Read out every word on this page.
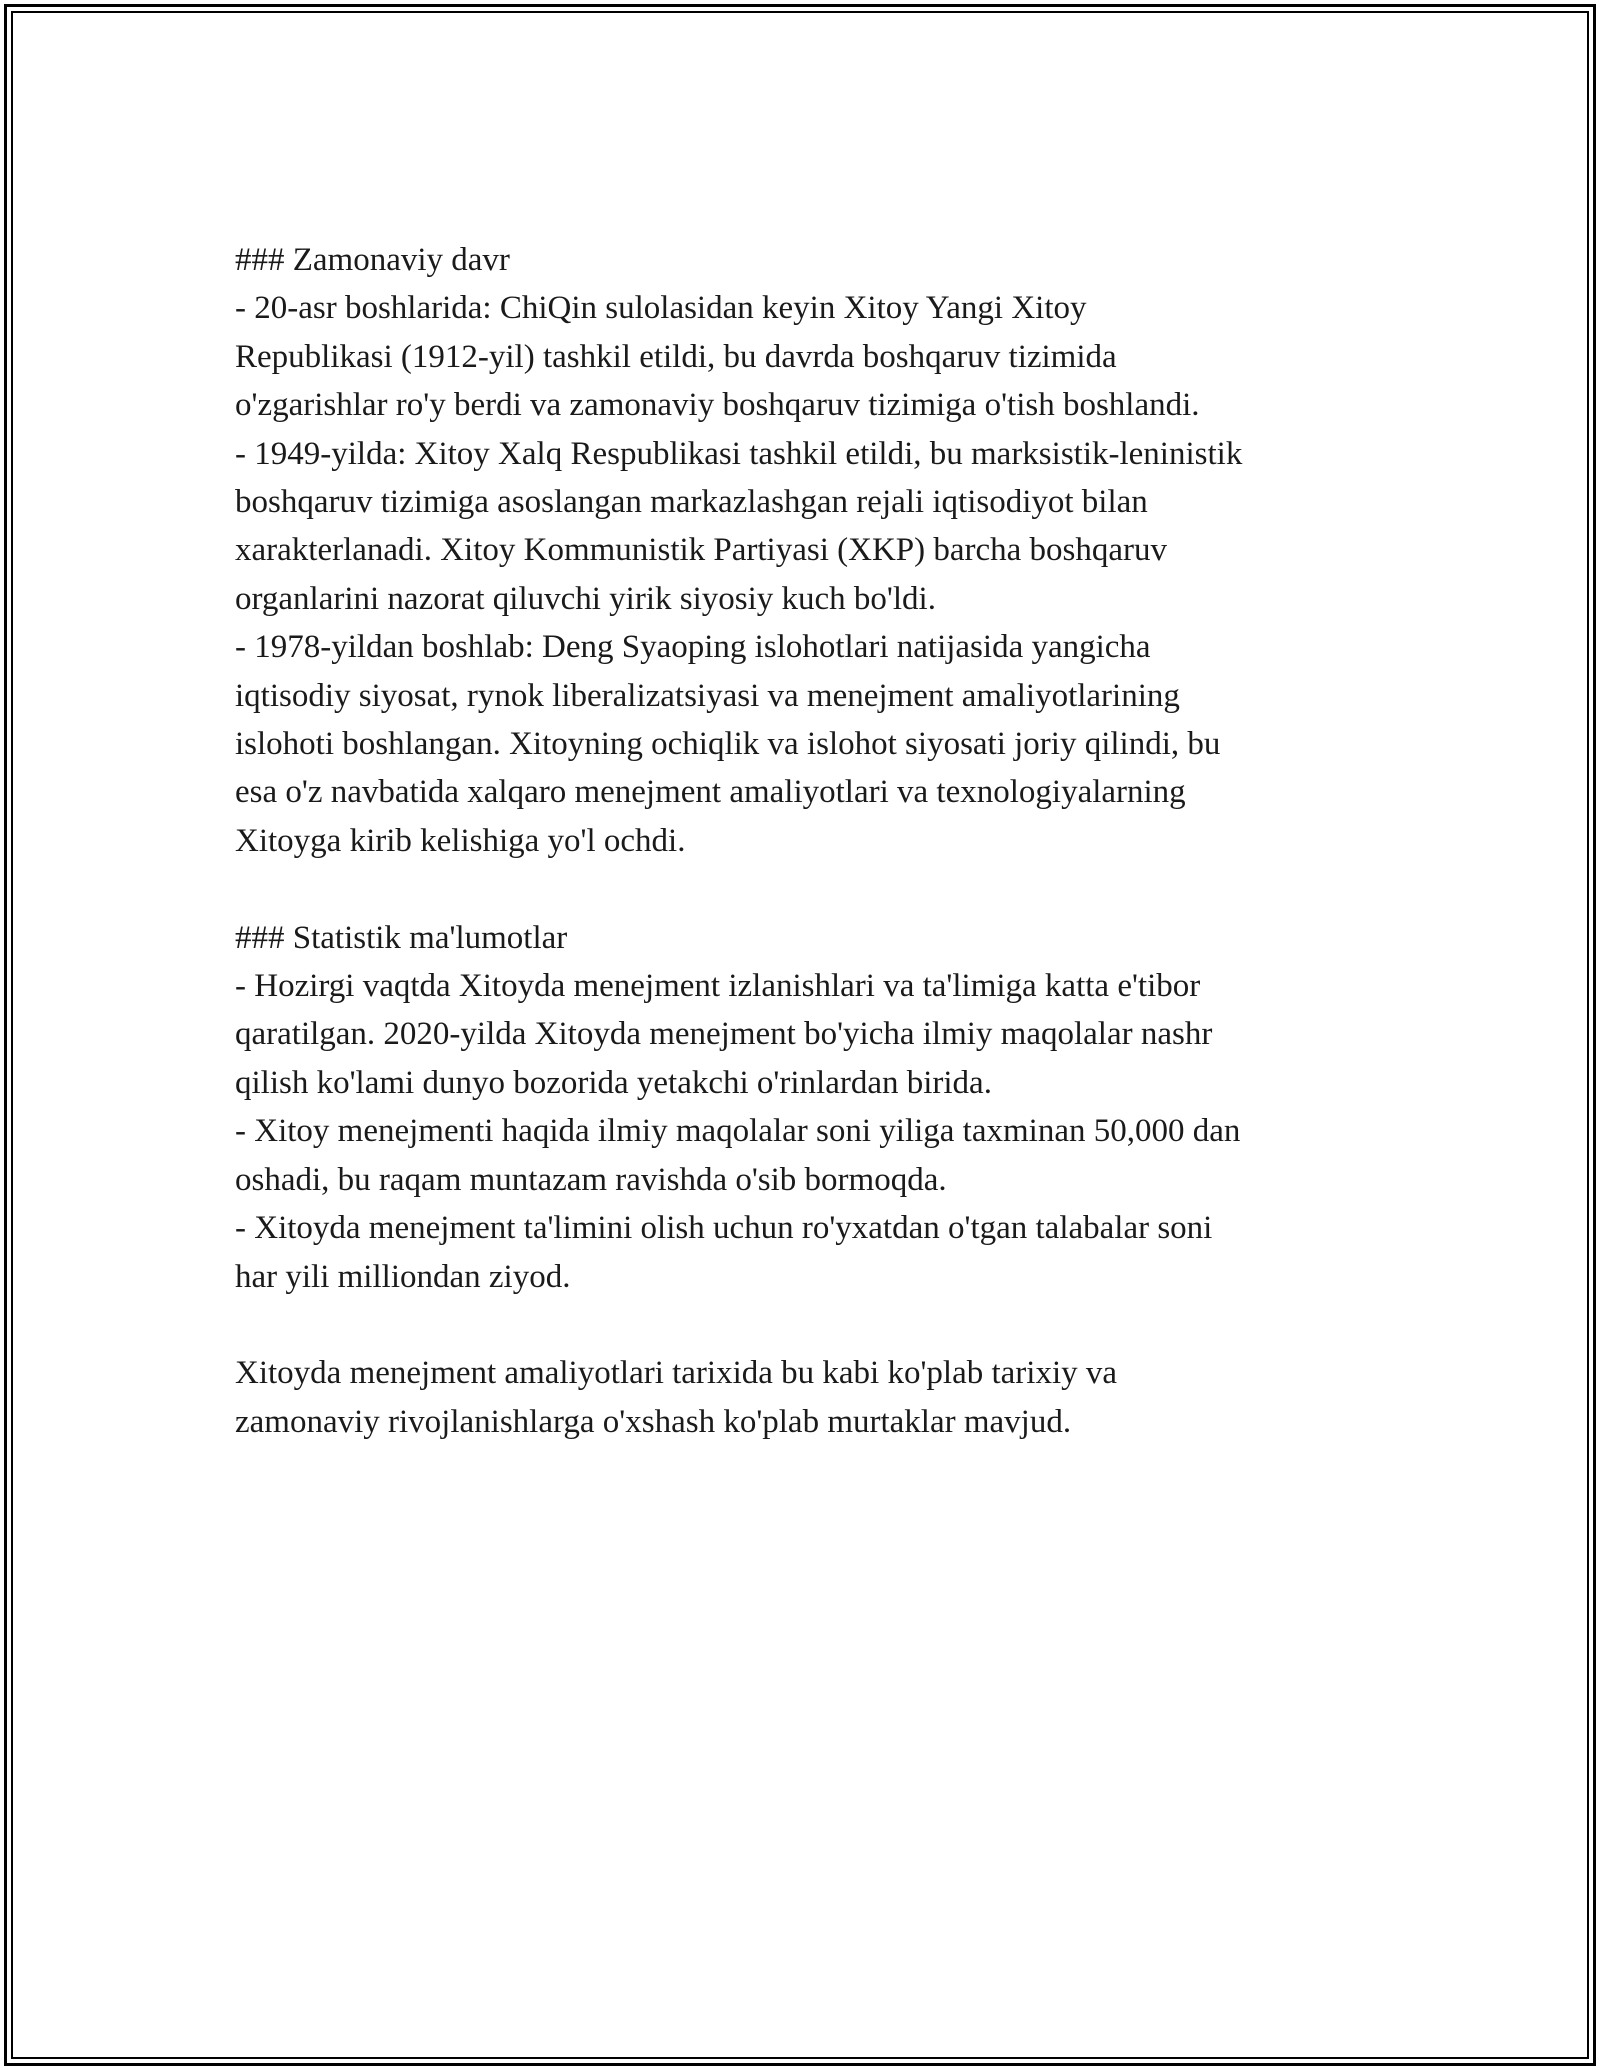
### Zamonaviy davr

- 20-asr boshlarida: ChiQin sulolasidan keyin Xitoy Yangi Xitoy

Republikasi (1912-yil) tashkil etildi, bu davrda boshqaruv tizimida

o'zgarishlar ro'y berdi va zamonaviy boshqaruv tizimiga o'tish boshlandi.

- 1949-yilda: Xitoy Xalq Respublikasi tashkil etildi, bu marksistik-leninistik

boshqaruv tizimiga asoslangan markazlashgan rejali iqtisodiyot bilan

xarakterlanadi. Xitoy Kommunistik Partiyasi (XKP) barcha boshqaruv

organlarini nazorat qiluvchi yirik siyosiy kuch bo'ldi.

- 1978-yildan boshlab: Deng Syaoping islohotlari natijasida yangicha

iqtisodiy siyosat, rynok liberalizatsiyasi va menejment amaliyotlarining

islohoti boshlangan. Xitoyning ochiqlik va islohot siyosati joriy qilindi, bu

esa o'z navbatida xalqaro menejment amaliyotlari va texnologiyalarning

Xitoyga kirib kelishiga yo'l ochdi.

### Statistik ma'lumotlar

- Hozirgi vaqtda Xitoyda menejment izlanishlari va ta'limiga katta e'tibor

qaratilgan. 2020-yilda Xitoyda menejment bo'yicha ilmiy maqolalar nashr

qilish ko'lami dunyo bozorida yetakchi o'rinlardan birida.

- Xitoy menejmenti haqida ilmiy maqolalar soni yiliga taxminan 50,000 dan

oshadi, bu raqam muntazam ravishda o'sib bormoqda.

- Xitoyda menejment ta'limini olish uchun ro'yxatdan o'tgan talabalar soni

har yili milliondan ziyod.

Xitoyda menejment amaliyotlari tarixida bu kabi ko'plab tarixiy va

zamonaviy rivojlanishlarga o'xshash ko'plab murtaklar mavjud.
